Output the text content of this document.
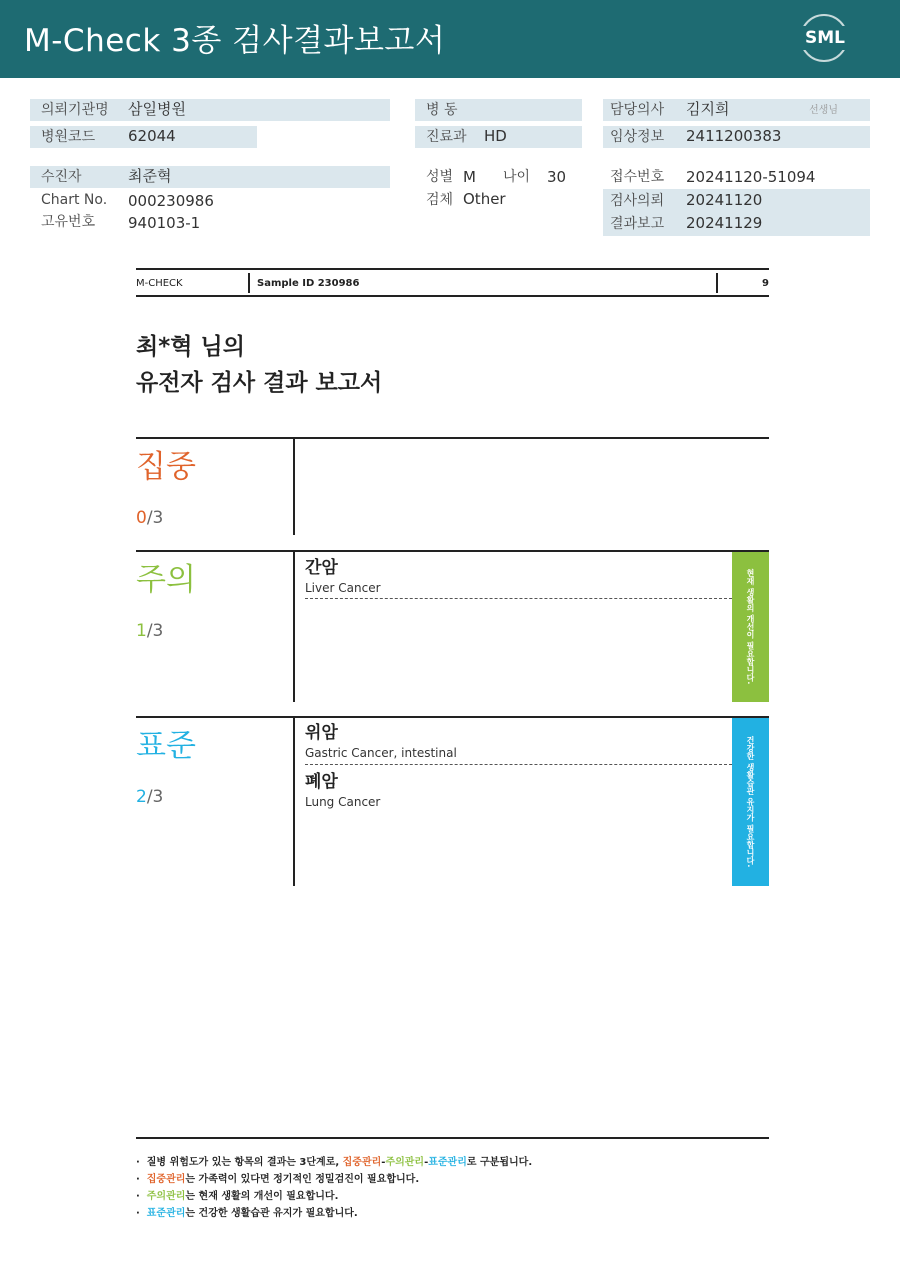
M-Check 3종 검사결과보고서	SML
의뢰기관명 삼일병원
병원코드 62044
수진자	최준혁
Chart No. 000230986
고유번호 940103-1
병 동
진료과 HD
성별 M 나이 30
검체 Other
담당의사 김지희	선생님
임상정보 2411200383
접수번호 20241120-51094
검사의뢰 20241120
결과보고 20241129
M-CHECK	Sample ID 230986	9
최*혁 님의
유전자 검사 결과 보고서
집중
0/3
주의
1/3
간암
Liver Cancer	현재 생활의 개선이 필요합니다.
표준
2/3
위암
Gastric Cancer, intestinal
폐암
Lung Cancer	건강한 생활습관 유지가 필요합니다.
·  질병 위험도가 있는 항목의 결과는 3단계로, 집중관리-주의관리-표준관리로 구분됩니다.
·  집중관리는 가족력이 있다면 정기적인 정밀검진이 필요합니다.
·  주의관리는 현재 생활의 개선이 필요합니다.
·  표준관리는 건강한 생활습관 유지가 필요합니다.
